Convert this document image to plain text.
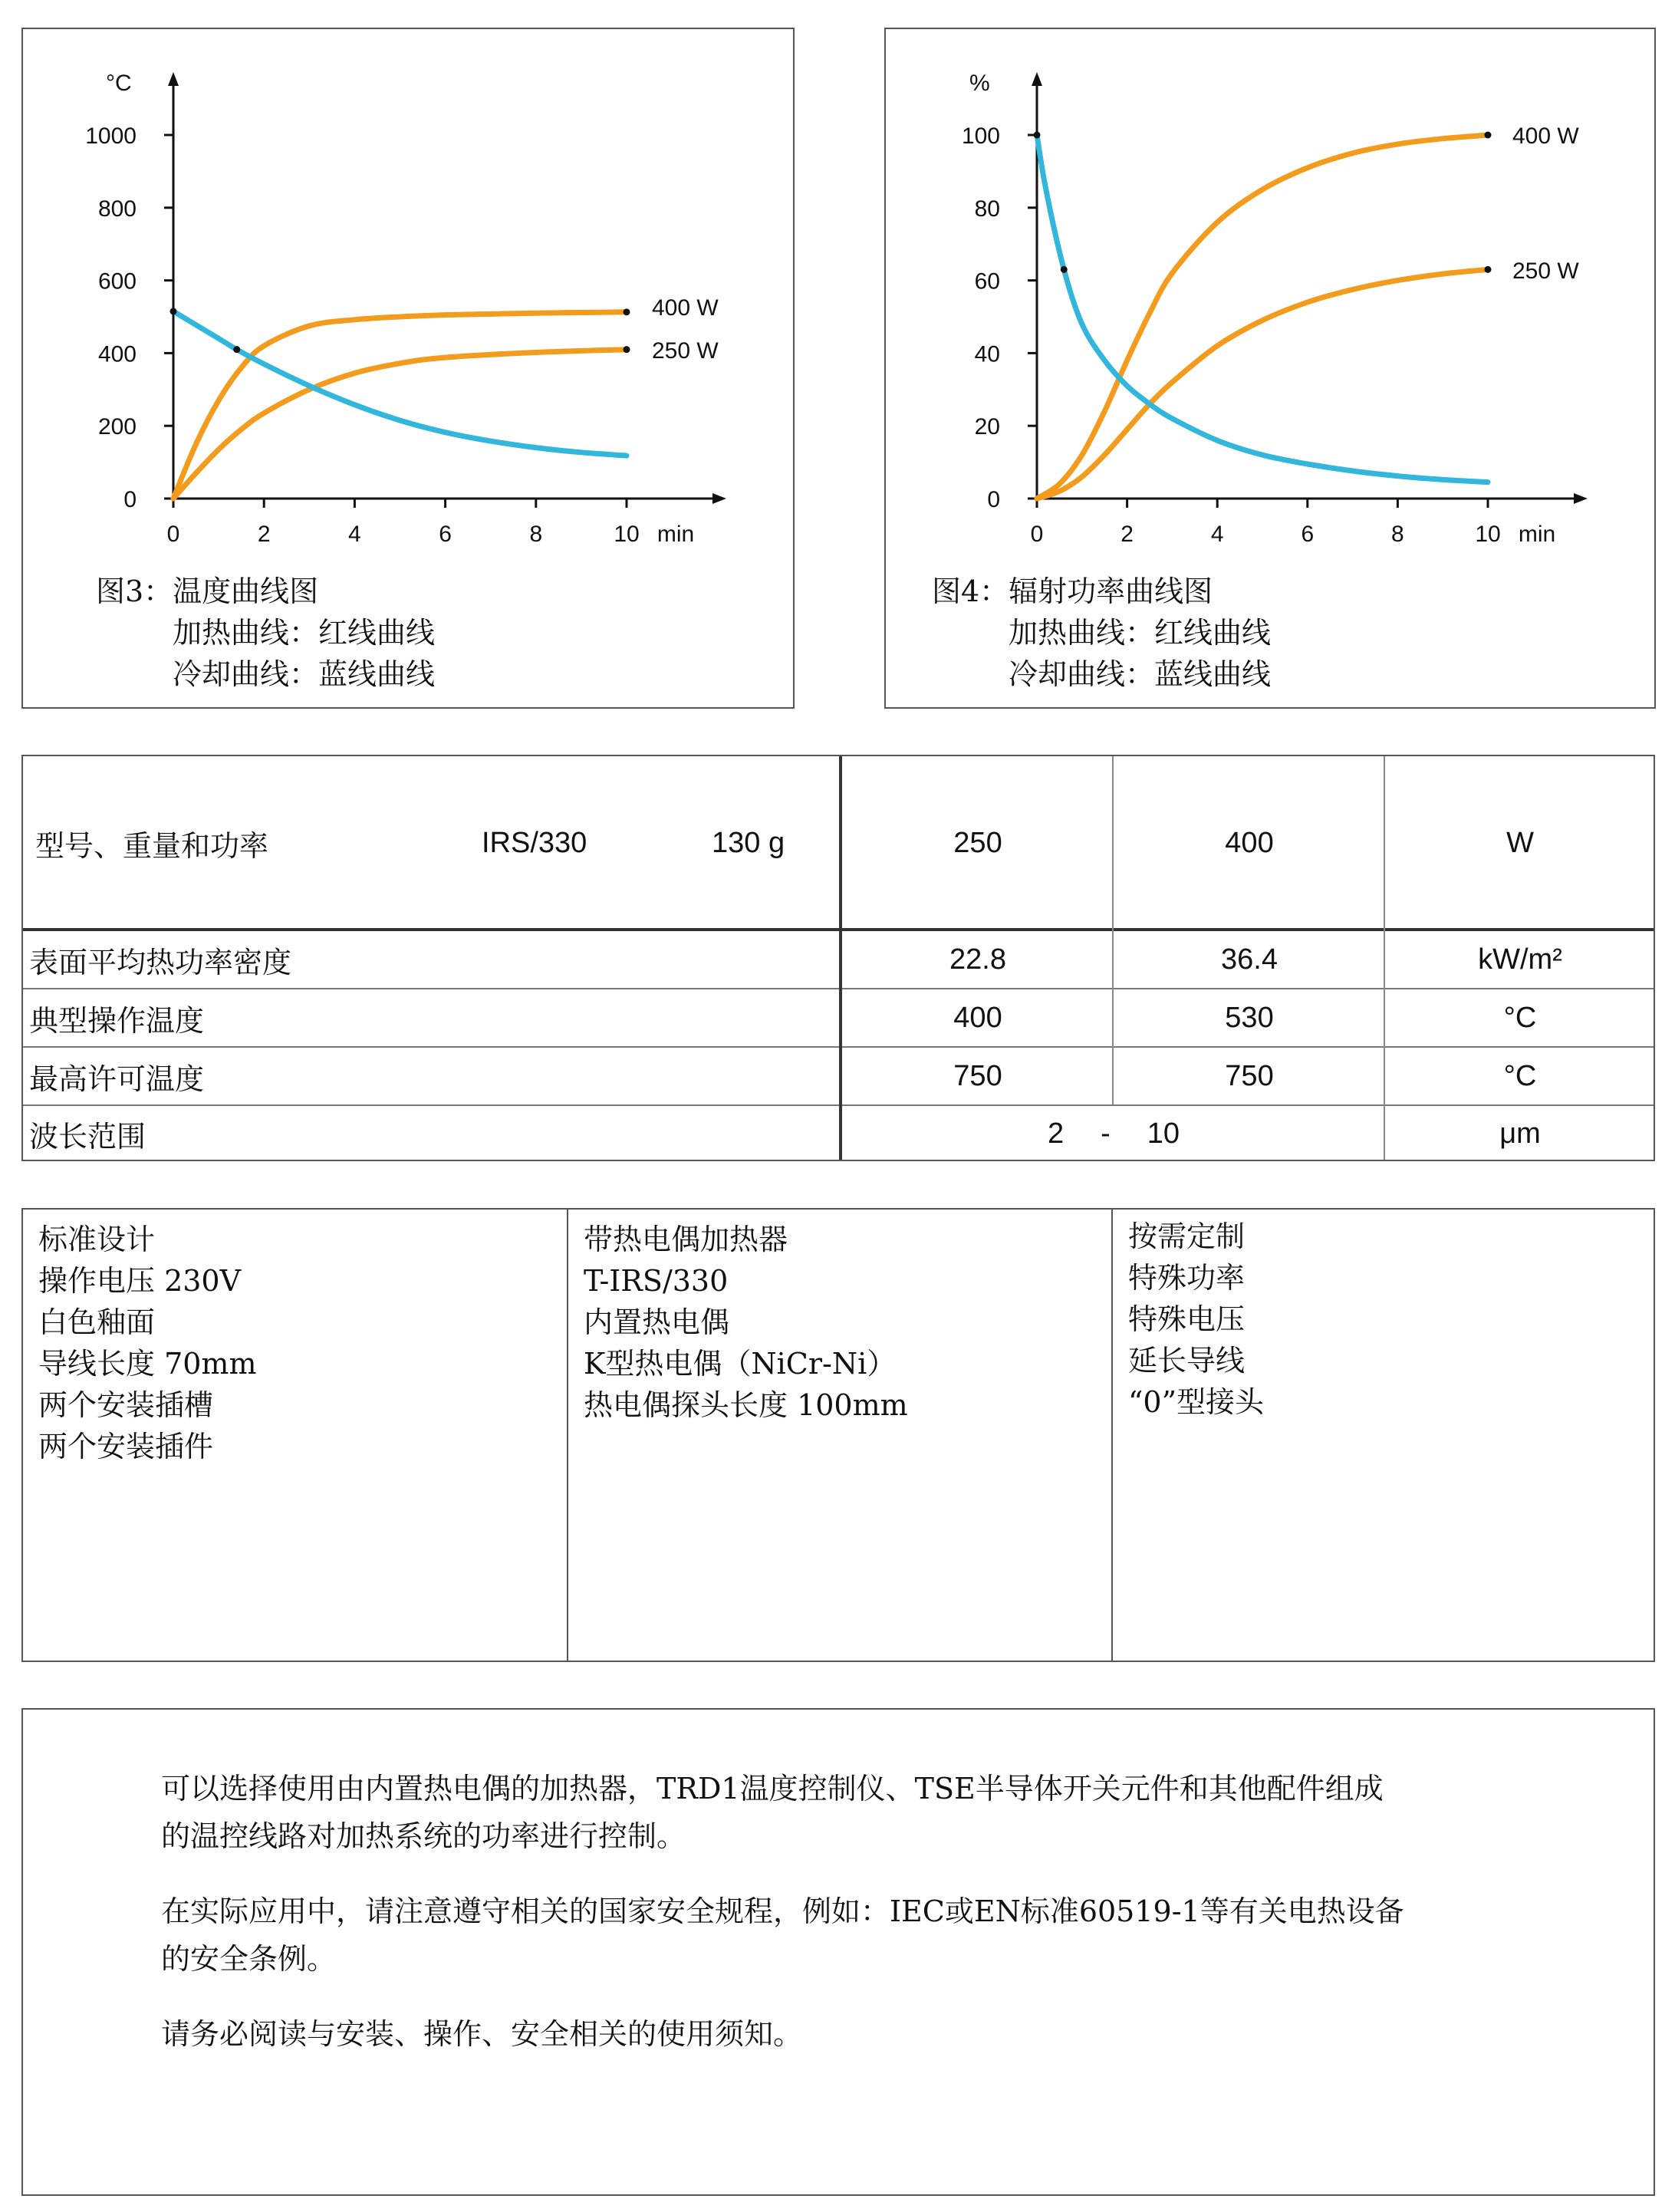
0
200
400
600
800
1000
°C
0	2	4	6	8	10 min
400 W
250 W
图3：温度曲线图
加热曲线：红线曲线
冷却曲线：蓝线曲线
0
20
40
60
80
100
%
0	2	4	6	8	10 min
400 W
250 W
图4：辐射功率曲线图
加热曲线：红线曲线
冷却曲线：蓝线曲线
型号、重量和功率	IRS/330	130 g	250	400	W
表面平均热功率密度	22.8	36.4	kW/m²
典型操作温度	400	530	°C
最高许可温度	750	750	°C
波长范围	2 - 10	μm
标准设计
操作电压 230V
白色釉面
导线长度 70mm
两个安装插槽
两个安装插件
带热电偶加热器
T-IRS/330
内置热电偶
K型热电偶（NiCr-Ni）
热电偶探头长度 100mm
按需定制
特殊功率
特殊电压
延长导线
“0”型接头
可以选择使用由内置热电偶的加热器，TRD1温度控制仪、TSE半导体开关元件和其他配件组成
的温控线路对加热系统的功率进行控制。
在实际应用中，请注意遵守相关的国家安全规程，例如：IEC或EN标准60519-1等有关电热设备
的安全条例。
请务必阅读与安装、操作、安全相关的使用须知。
